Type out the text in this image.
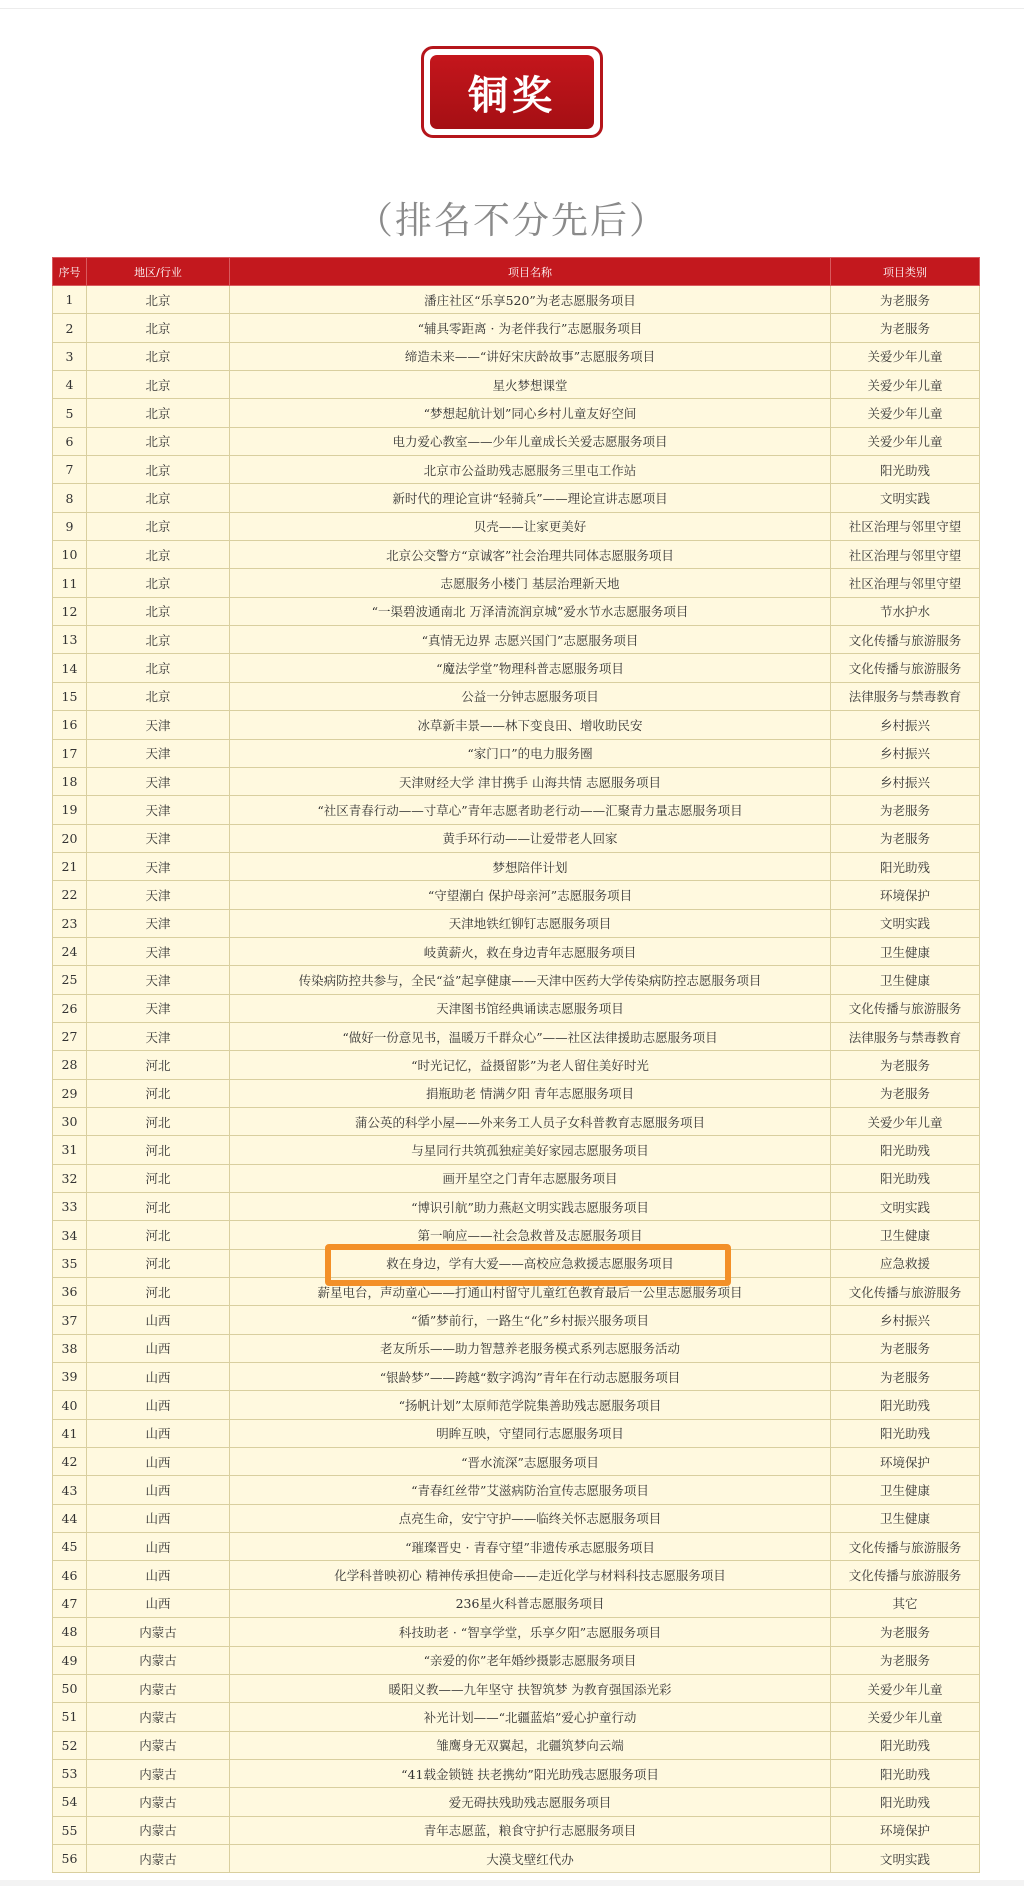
铜奖
（排名不分先后）
序号	地区/行业	项目名称	项目类别
1	北京	潘庄社区“乐享520”为老志愿服务项目	为老服务
2	北京	“辅具零距离 · 为老伴我行”志愿服务项目	为老服务
3	北京	缔造未来——“讲好宋庆龄故事”志愿服务项目	关爱少年儿童
4	北京	星火梦想课堂	关爱少年儿童
5	北京	“梦想起航计划”同心乡村儿童友好空间	关爱少年儿童
6	北京	电力爱心教室——少年儿童成长关爱志愿服务项目	关爱少年儿童
7	北京	北京市公益助残志愿服务三里屯工作站	阳光助残
8	北京	新时代的理论宣讲“轻骑兵”——理论宣讲志愿项目	文明实践
9	北京	贝壳——让家更美好	社区治理与邻里守望
10	北京	北京公交警方“京诚客”社会治理共同体志愿服务项目	社区治理与邻里守望
11	北京	志愿服务小楼门 基层治理新天地	社区治理与邻里守望
12	北京	“一渠碧波通南北 万泽清流润京城”爱水节水志愿服务项目	节水护水
13	北京	“真情无边界 志愿兴国门”志愿服务项目	文化传播与旅游服务
14	北京	“魔法学堂”物理科普志愿服务项目	文化传播与旅游服务
15	北京	公益一分钟志愿服务项目	法律服务与禁毒教育
16	天津	冰草新丰景——林下变良田、增收助民安	乡村振兴
17	天津	“家门口”的电力服务圈	乡村振兴
18	天津	天津财经大学 津甘携手 山海共情 志愿服务项目	乡村振兴
19	天津	“社区青春行动——寸草心”青年志愿者助老行动——汇聚青力量志愿服务项目	为老服务
20	天津	黄手环行动——让爱带老人回家	为老服务
21	天津	梦想陪伴计划	阳光助残
22	天津	“守望潮白 保护母亲河”志愿服务项目	环境保护
23	天津	天津地铁红铆钉志愿服务项目	文明实践
24	天津	岐黄薪火，救在身边青年志愿服务项目	卫生健康
25	天津	传染病防控共参与，全民“益”起享健康——天津中医药大学传染病防控志愿服务项目	卫生健康
26	天津	天津图书馆经典诵读志愿服务项目	文化传播与旅游服务
27	天津	“做好一份意见书，温暖万千群众心”——社区法律援助志愿服务项目	法律服务与禁毒教育
28	河北	“时光记忆，益摄留影”为老人留住美好时光	为老服务
29	河北	捐瓶助老 情满夕阳 青年志愿服务项目	为老服务
30	河北	蒲公英的科学小屋——外来务工人员子女科普教育志愿服务项目	关爱少年儿童
31	河北	与星同行共筑孤独症美好家园志愿服务项目	阳光助残
32	河北	画开星空之门青年志愿服务项目	阳光助残
33	河北	“博识引航”助力燕赵文明实践志愿服务项目	文明实践
34	河北	第一响应——社会急救普及志愿服务项目	卫生健康
35	河北	救在身边，学有大爱——高校应急救援志愿服务项目	应急救援
36	河北	薪星电台，声动童心——打通山村留守儿童红色教育最后一公里志愿服务项目	文化传播与旅游服务
37	山西	“循”梦前行，一路生“化”乡村振兴服务项目	乡村振兴
38	山西	老友所乐——助力智慧养老服务模式系列志愿服务活动	为老服务
39	山西	“银龄梦”——跨越“数字鸿沟”青年在行动志愿服务项目	为老服务
40	山西	“扬帆计划”太原师范学院集善助残志愿服务项目	阳光助残
41	山西	明眸互映，守望同行志愿服务项目	阳光助残
42	山西	“晋水流深”志愿服务项目	环境保护
43	山西	“青春红丝带”艾滋病防治宣传志愿服务项目	卫生健康
44	山西	点亮生命，安宁守护——临终关怀志愿服务项目	卫生健康
45	山西	“璀璨晋史 · 青春守望”非遗传承志愿服务项目	文化传播与旅游服务
46	山西	化学科普映初心 精神传承担使命——走近化学与材料科技志愿服务项目	文化传播与旅游服务
47	山西	236星火科普志愿服务项目	其它
48	内蒙古	科技助老 · “智享学堂，乐享夕阳”志愿服务项目	为老服务
49	内蒙古	“亲爱的你”老年婚纱摄影志愿服务项目	为老服务
50	内蒙古	暖阳义教——九年坚守 扶智筑梦 为教育强国添光彩	关爱少年儿童
51	内蒙古	补光计划——“北疆蓝焰”爱心护童行动	关爱少年儿童
52	内蒙古	雏鹰身无双翼起，北疆筑梦向云端	阳光助残
53	内蒙古	“41载金锁链 扶老携幼”阳光助残志愿服务项目	阳光助残
54	内蒙古	爱无碍扶残助残志愿服务项目	阳光助残
55	内蒙古	青年志愿蓝，粮食守护行志愿服务项目	环境保护
56	内蒙古	大漠戈壁红代办	文明实践
